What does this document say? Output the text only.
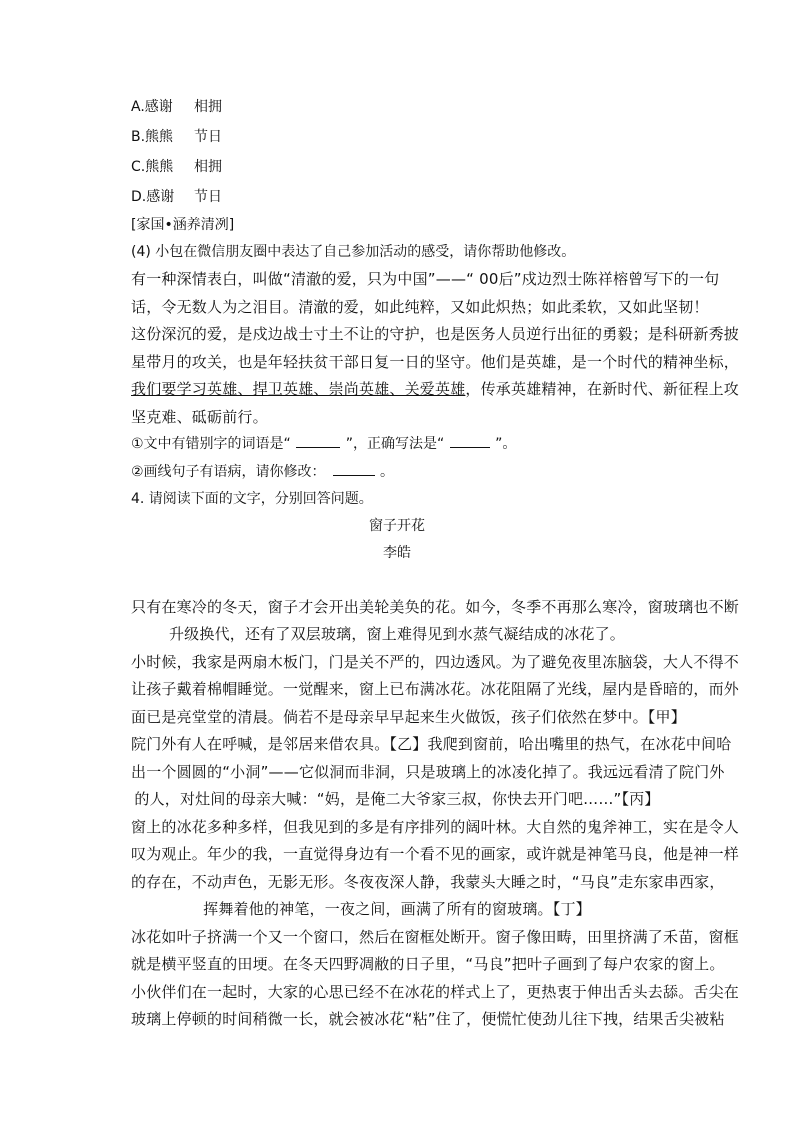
A.感谢 相拥
B.熊熊 节日
C.熊熊 相拥
D.感谢 节日
[家国•涵养清冽]
(4) 小包在微信朋友圈中表达了自己参加活动的感受，请你帮助他修改。
有一种深情表白，叫做“清澈的爱，只为中国”——“ 00后”戍边烈士陈祥榕曾写下的一句
话，令无数人为之泪目。清澈的爱，如此纯粹，又如此炽热；如此柔软，又如此坚韧！
这份深沉的爱，是戍边战士寸土不让的守护，也是医务人员逆行出征的勇毅；是科研新秀披
星带月的攻关，也是年轻扶贫干部日复一日的坚守。他们是英雄，是一个时代的精神坐标，
我们要学习英雄、捍卫英雄、崇尚英雄、关爱英雄，传承英雄精神，在新时代、新征程上攻
坚克难、砥砺前行。
①文中有错别字的词语是“	”，正确写法是“	”。
②画线句子有语病，请你修改：	。
4. 请阅读下面的文字，分别回答问题。
窗子开花
李皓
只有在寒冷的冬天，窗子才会开出美轮美奂的花。如今，冬季不再那么寒冷，窗玻璃也不断
升级换代，还有了双层玻璃，窗上难得见到水蒸气凝结成的冰花了。
小时候，我家是两扇木板门，门是关不严的，四边透风。为了避免夜里冻脑袋，大人不得不
让孩子戴着棉帽睡觉。一觉醒来，窗上已布满冰花。冰花阻隔了光线，屋内是昏暗的，而外
面已是亮堂堂的清晨。倘若不是母亲早早起来生火做饭，孩子们依然在梦中。【甲】
院门外有人在呼喊，是邻居来借农具。【乙】我爬到窗前，哈出嘴里的热气，在冰花中间哈
出一个圆圆的“小洞”——它似洞而非洞，只是玻璃上的冰凌化掉了。我远远看清了院门外
的人，对灶间的母亲大喊：“妈，是俺二大爷家三叔，你快去开门吧……”【丙】
窗上的冰花多种多样，但我见到的多是有序排列的阔叶林。大自然的鬼斧神工，实在是令人
叹为观止。年少的我，一直觉得身边有一个看不见的画家，或许就是神笔马良，他是神一样
的存在，不动声色，无影无形。冬夜夜深人静，我蒙头大睡之时，“马良”走东家串西家，
挥舞着他的神笔，一夜之间，画满了所有的窗玻璃。【丁】
冰花如叶子挤满一个又一个窗口，然后在窗框处断开。窗子像田畴，田里挤满了禾苗，窗框
就是横平竖直的田埂。在冬天四野凋敝的日子里，“马良”把叶子画到了每户农家的窗上。
小伙伴们在一起时，大家的心思已经不在冰花的样式上了，更热衷于伸出舌头去舔。舌尖在
玻璃上停顿的时间稍微一长，就会被冰花“粘”住了，便慌忙使劲儿往下拽，结果舌尖被粘
